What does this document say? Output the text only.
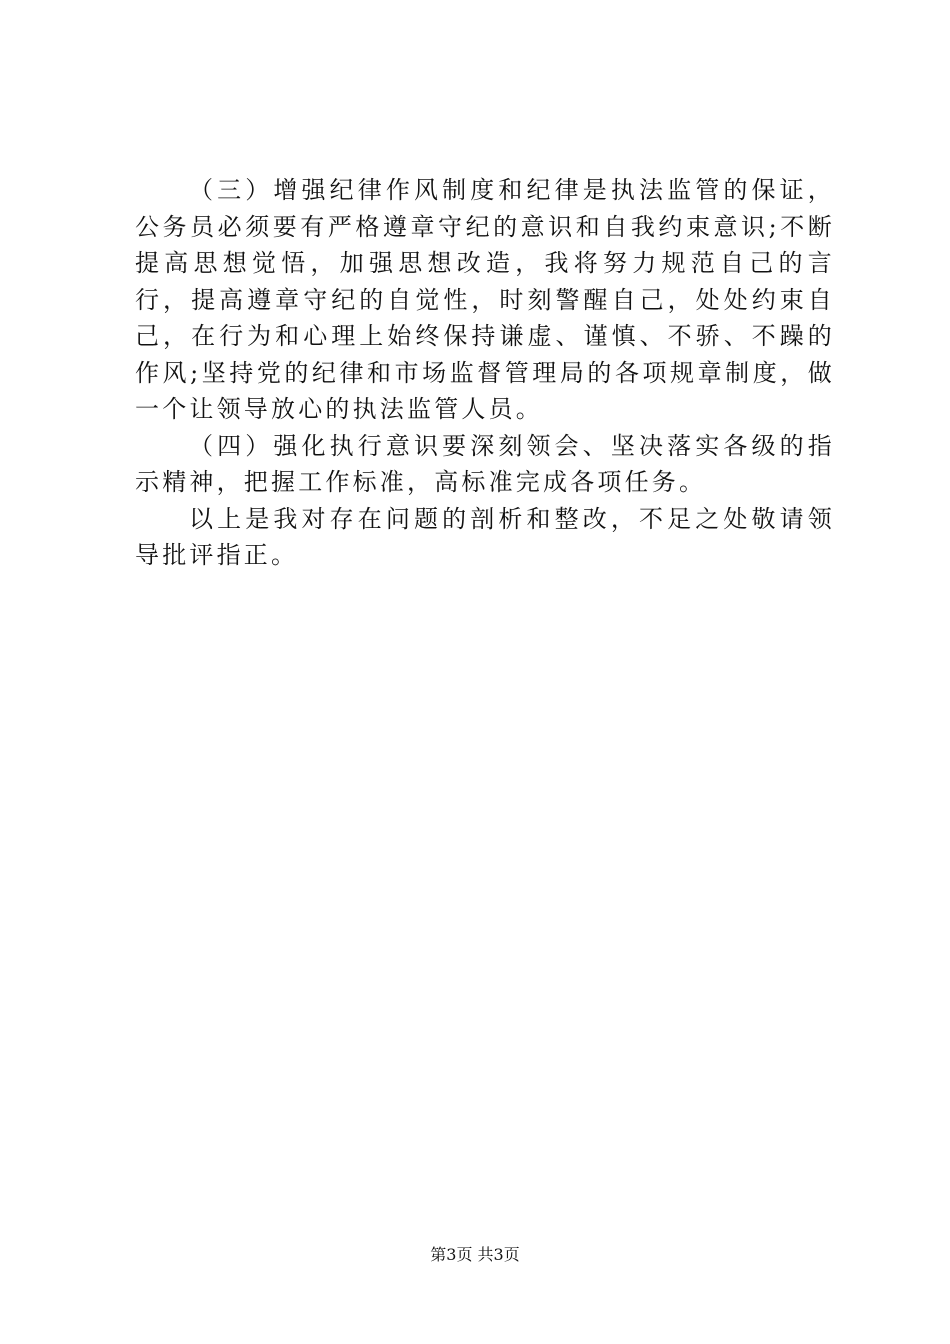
（三）增强纪律作风制度和纪律是执法监管的保证，公务员必须要有严格遵章守纪的意识和自我约束意识;不断提高思想觉悟，加强思想改造，我将努力规范自己的言行，提高遵章守纪的自觉性，时刻警醒自己，处处约束自己，在行为和心理上始终保持谦虚、谨慎、不骄、不躁的作风;坚持党的纪律和市场监督管理局的各项规章制度，做一个让领导放心的执法监管人员。

（四）强化执行意识要深刻领会、坚决落实各级的指示精神，把握工作标准，高标准完成各项任务。

以上是我对存在问题的剖析和整改，不足之处敬请领导批评指正。

第3页 共3页
